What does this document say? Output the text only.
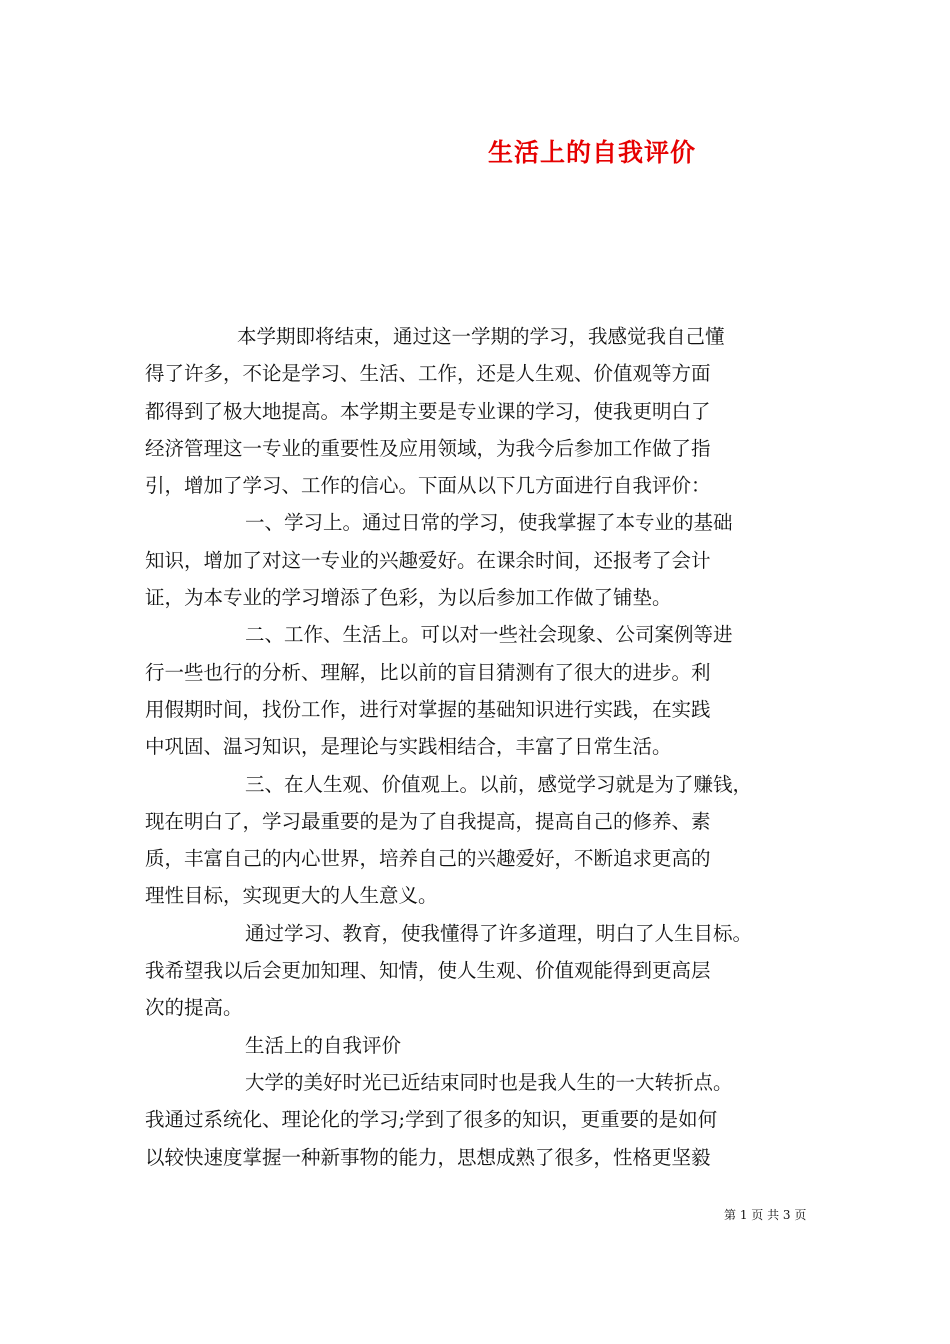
生活上的自我评价
本学期即将结束，通过这一学期的学习，我感觉我自己懂
得了许多，不论是学习、生活、工作，还是人生观、价值观等方面
都得到了极大地提高。本学期主要是专业课的学习，使我更明白了
经济管理这一专业的重要性及应用领域，为我今后参加工作做了指
引，增加了学习、工作的信心。下面从以下几方面进行自我评价：
一、学习上。通过日常的学习，使我掌握了本专业的基础
知识，增加了对这一专业的兴趣爱好。在课余时间，还报考了会计
证，为本专业的学习增添了色彩，为以后参加工作做了铺垫。
二、工作、生活上。可以对一些社会现象、公司案例等进
行一些也行的分析、理解，比以前的盲目猜测有了很大的进步。利
用假期时间，找份工作，进行对掌握的基础知识进行实践，在实践
中巩固、温习知识，是理论与实践相结合，丰富了日常生活。
三、在人生观、价值观上。以前，感觉学习就是为了赚钱，
现在明白了，学习最重要的是为了自我提高，提高自己的修养、素
质，丰富自己的内心世界，培养自己的兴趣爱好，不断追求更高的
理性目标，实现更大的人生意义。
通过学习、教育，使我懂得了许多道理，明白了人生目标。
我希望我以后会更加知理、知情，使人生观、价值观能得到更高层
次的提高。
生活上的自我评价
大学的美好时光已近结束同时也是我人生的一大转折点。
我通过系统化、理论化的学习;学到了很多的知识，更重要的是如何
以较快速度掌握一种新事物的能力，思想成熟了很多，性格更坚毅
第 1 页 共 3 页
